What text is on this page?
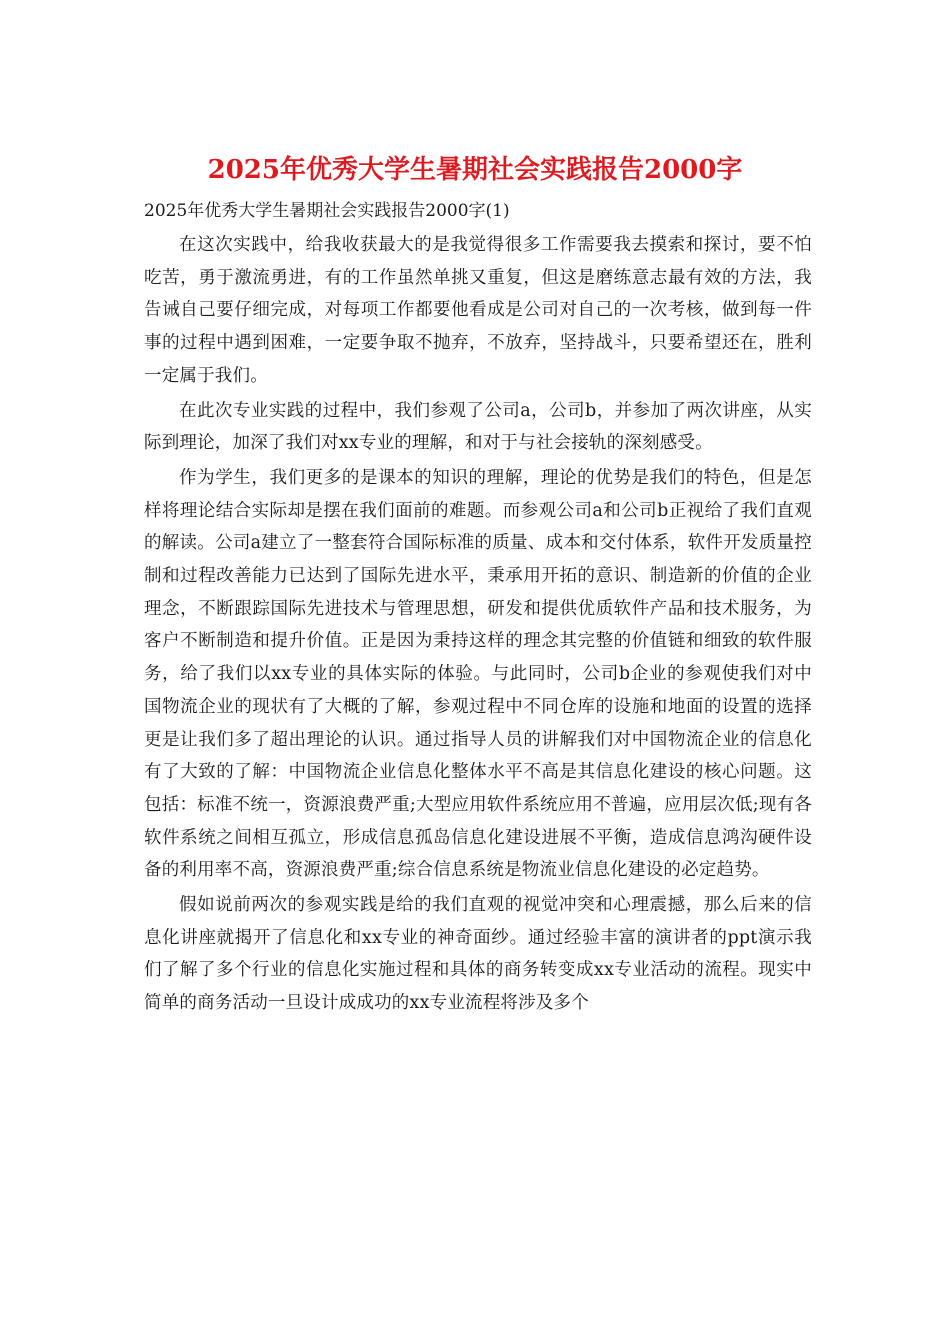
2025年优秀大学生暑期社会实践报告2000字

2025年优秀大学生暑期社会实践报告2000字(1)

在这次实践中，给我收获最大的是我觉得很多工作需要我去摸索和探讨，要不怕吃苦，勇于激流勇进，有的工作虽然单挑又重复，但这是磨练意志最有效的方法，我告诫自己要仔细完成，对每项工作都要他看成是公司对自己的一次考核，做到每一件事的过程中遇到困难，一定要争取不抛弃，不放弃，坚持战斗，只要希望还在，胜利一定属于我们。

在此次专业实践的过程中，我们参观了公司a，公司b，并参加了两次讲座，从实际到理论，加深了我们对xx专业的理解，和对于与社会接轨的深刻感受。

作为学生，我们更多的是课本的知识的理解，理论的优势是我们的特色，但是怎样将理论结合实际却是摆在我们面前的难题。而参观公司a和公司b正视给了我们直观的解读。公司a建立了一整套符合国际标准的质量、成本和交付体系，软件开发质量控制和过程改善能力已达到了国际先进水平，秉承用开拓的意识、制造新的价值的企业理念，不断跟踪国际先进技术与管理思想，研发和提供优质软件产品和技术服务，为客户不断制造和提升价值。正是因为秉持这样的理念其完整的价值链和细致的软件服务，给了我们以xx专业的具体实际的体验。与此同时，公司b企业的参观使我们对中国物流企业的现状有了大概的了解，参观过程中不同仓库的设施和地面的设置的选择更是让我们多了超出理论的认识。通过指导人员的讲解我们对中国物流企业的信息化有了大致的了解：中国物流企业信息化整体水平不高是其信息化建设的核心问题。这包括：标准不统一，资源浪费严重;大型应用软件系统应用不普遍，应用层次低;现有各软件系统之间相互孤立，形成信息孤岛信息化建设进展不平衡，造成信息鸿沟硬件设备的利用率不高，资源浪费严重;综合信息系统是物流业信息化建设的必定趋势。

假如说前两次的参观实践是给的我们直观的视觉冲突和心理震撼，那么后来的信息化讲座就揭开了信息化和xx专业的神奇面纱。通过经验丰富的演讲者的ppt演示我们了解了多个行业的信息化实施过程和具体的商务转变成xx专业活动的流程。现实中简单的商务活动一旦设计成成功的xx专业流程将涉及多个
